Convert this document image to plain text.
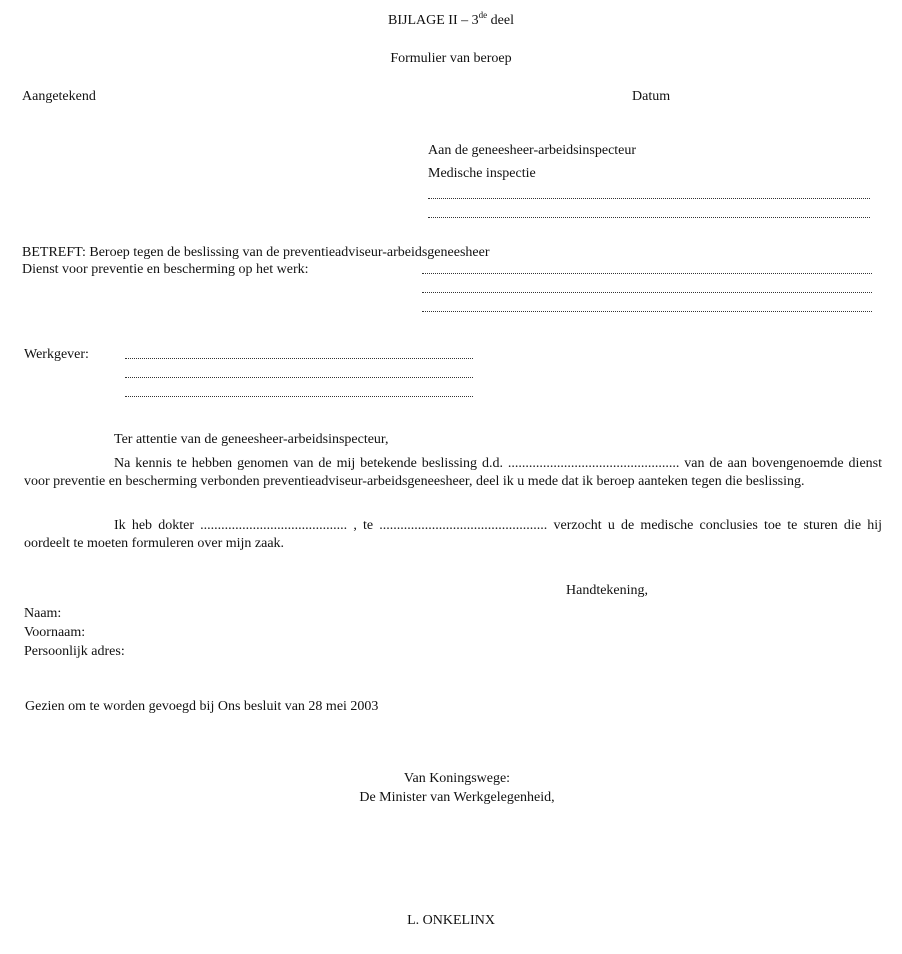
BIJLAGE II – 3de deel
Formulier van beroep
Aangetekend	Datum
Aan de geneesheer-arbeidsinspecteur
Medische inspectie
BETREFT: Beroep tegen de beslissing van de preventieadviseur-arbeidsgeneesheer
Dienst voor preventie en bescherming op het werk:
Werkgever:
Ter attentie van de geneesheer-arbeidsinspecteur,

Na kennis te hebben genomen van de mij betekende beslissing d.d. ................................................. van de aan bovengenoemde dienst voor preventie en bescherming verbonden preventieadviseur-arbeidsgeneesheer, deel ik u mede dat ik beroep aanteken tegen die beslissing.

Ik heb dokter .......................................... , te ................................................ verzocht u de medische conclusies toe te sturen die hij oordeelt te moeten formuleren over mijn zaak.

Handtekening,
Naam:
Voornaam:
Persoonlijk adres:
Gezien om te worden gevoegd bij Ons besluit van 28 mei 2003
Van Koningswege:
De Minister van Werkgelegenheid,
L. ONKELINX
